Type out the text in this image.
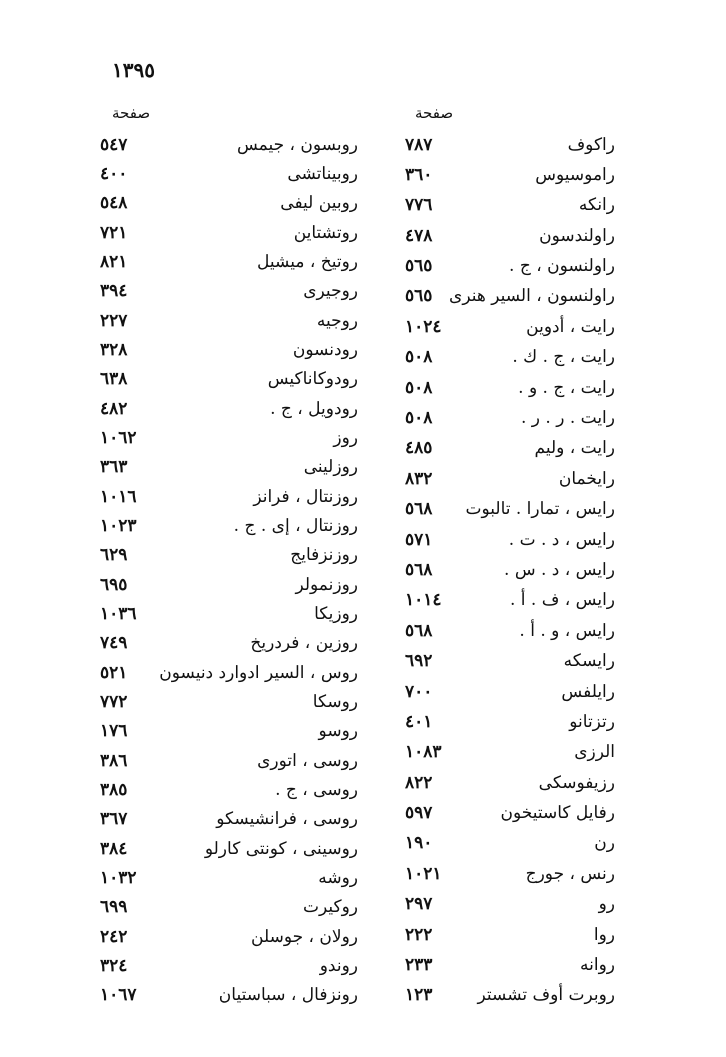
١٣٩٥
صفحة	صفحة
راكوف
٧٨٧
راموسيوس
٣٦٠
رانكه
٧٧٦
راولندسون
٤٧٨
راولنسون ، ج .
٥٦٥
راولنسون ، السير هنرى
٥٦٥
رايت ، أدوين
١٠٢٤
رايت ، ج . ك .
٥٠٨
رايت ، ج . و .
٥٠٨
رايت . ر . ر .
٥٠٨
رايت ، وليم
٤٨٥
رايخمان
٨٣٢
رايس ، تمارا . تالبوت
٥٦٨
رايس ، د . ت .
٥٧١
رايس ، د . س .
٥٦٨
رايس ، ف . أ .
١٠١٤
رايس ، و . أ .
٥٦٨
رايسكه
٦٩٢
رايلفس
٧٠٠
رتزتانو
٤٠١
الرزى
١٠٨٣
رزيفوسكى
٨٢٢
رفايل كاستيخون
٥٩٧
رن
١٩٠
رنس ، جورج
١٠٢١
رو
٢٩٧
روا
٢٢٢
روانه
٢٣٣
روبرت أوف تشستر
١٢٣
روبسون ، جيمس
٥٤٧
روبيناتشى
٤٠٠
روبين ليفى
٥٤٨
روتشتاين
٧٢١
روتيخ ، ميشيل
٨٢١
روجيرى
٣٩٤
روجيه
٢٢٧
رودنسون
٣٢٨
رودوكاناكيس
٦٣٨
رودويل ، ج .
٤٨٢
روز
١٠٦٢
روزلينى
٣٦٣
روزنتال ، فرانز
١٠١٦
روزنتال ، إى . ج .
١٠٢٣
روزنزفايج
٦٢٩
روزنمولر
٦٩٥
روزيكا
١٠٣٦
روزين ، فردريخ
٧٤٩
روس ، السير ادوارد دنيسون
٥٢١
روسكا
٧٧٢
روسو
١٧٦
روسى ، اتورى
٣٨٦
روسى ، ج .
٣٨٥
روسى ، فرانشيسكو
٣٦٧
روسينى ، كونتى كارلو
٣٨٤
روشه
١٠٣٢
روكيرت
٦٩٩
رولان ، جوسلن
٢٤٢
روندو
٣٢٤
رونزفال ، سباستيان
١٠٦٧
